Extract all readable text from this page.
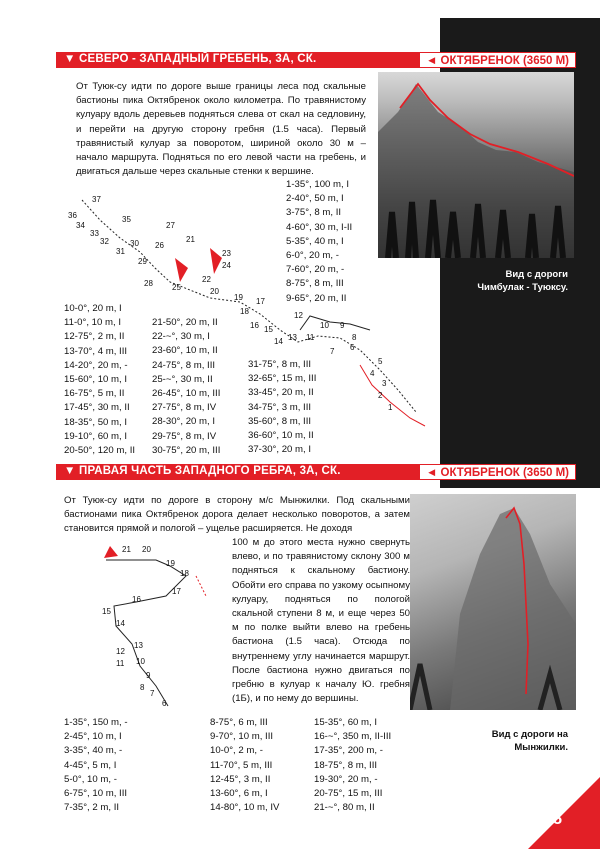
▼ СЕВЕРО - ЗАПАДНЫЙ ГРЕБЕНЬ, 3А, СК.	◄ ОКТЯБРЕНОК (3650 М)
От Туюк-су идти по дороге выше границы леса под скальные бастионы пика Октябренок около километра. По травянистому кулуару вдоль деревьев подняться слева от скал на седловину, и перейти на другую сторону гребня (1.5 часа). Первый травянистый кулуар за поворотом, шириной около 30 м – начало маршрута. Подняться по его левой части на гребень, и двигаться дальше через скальные стенки к вершине.
Вид с дороги
Чимбулак - Туюксу.
37
36	35
34
33
32
31
30 26
27
29
28
21
23
24
22
25	20
19 17
18
16 15
14 13
12
11
10 9
8
7 6
5
4
3
2
1
1-35°, 100 m, I
2-40°, 50 m, I
3-75°, 8 m, II
4-60°, 30 m, I-II
5-35°, 40 m, I
6-0°, 20 m, -
7-60°, 20 m, -
8-75°, 8 m, III
9-65°, 20 m, II
10-0°, 20 m, I
11-0°, 10 m, I
12-75°, 2 m, II
13-70°, 4 m, III
14-20°, 20 m, -
15-60°, 10 m, I
16-75°, 5 m, II
17-45°, 30 m, II
18-35°, 50 m, I
19-10°, 60 m, I
20-50°, 120 m, II
21-50°, 20 m, II
22-~°, 30 m, I
23-60°, 10 m, II
24-75°, 8 m, III
25-~°, 30 m, II
26-45°, 10 m, III
27-75°, 8 m, IV
28-30°, 20 m, I
29-75°, 8 m, IV
30-75°, 20 m, III
31-75°, 8 m, III
32-65°, 15 m, III
33-45°, 20 m, II
34-75°, 3 m, III
35-60°, 8 m, III
36-60°, 10 m, II
37-30°, 20 m, I
▼ ПРАВАЯ ЧАСТЬ ЗАПАДНОГО РЕБРА, 3А, СК.	◄ ОКТЯБРЕНОК (3650 М)
От Туюк-су идти по дороге в сторону м/с Мынжилки. Под скальными бастионами пика Октябренок дорога делает несколько поворотов, а затем становится прямой и пологой – ущелье расширяется. Не доходя
100 м до этого места нужно свернуть влево, и по травянистому склону 300 м подняться к скальному бастиону. Обойти его справа по узкому осыпному кулуару, подняться по пологой скальной ступени 8 м, и еще через 50 м по полке выйти влево на гребень бастиона (1.5 часа). Отсюда по внутреннему углу начинается маршрут. После бастиона нужно двигаться по гребню в кулуар к началу Ю. гребня (1Б), и по нему до вершины.
Вид с дороги на
Мынжилки.
21 20
19
18
17
16
15
14
13
12
11 10
9
8
7
6
1-35°, 150 m, -
2-45°, 10 m, I
3-35°, 40 m, -
4-45°, 5 m, I
5-0°, 10 m, -
6-75°, 10 m, III
7-35°, 2 m, II
8-75°, 6 m, III
9-70°, 10 m, III
10-0°, 2 m, -
11-70°, 5 m, III
12-45°, 3 m, II
13-60°, 6 m, I
14-80°, 10 m, IV
15-35°, 60 m, I
16-~°, 350 m, II-III
17-35°, 200 m, -
18-75°, 8 m, III
19-30°, 20 m, -
20-75°, 15 m, III
21-~°, 80 m, II
15
